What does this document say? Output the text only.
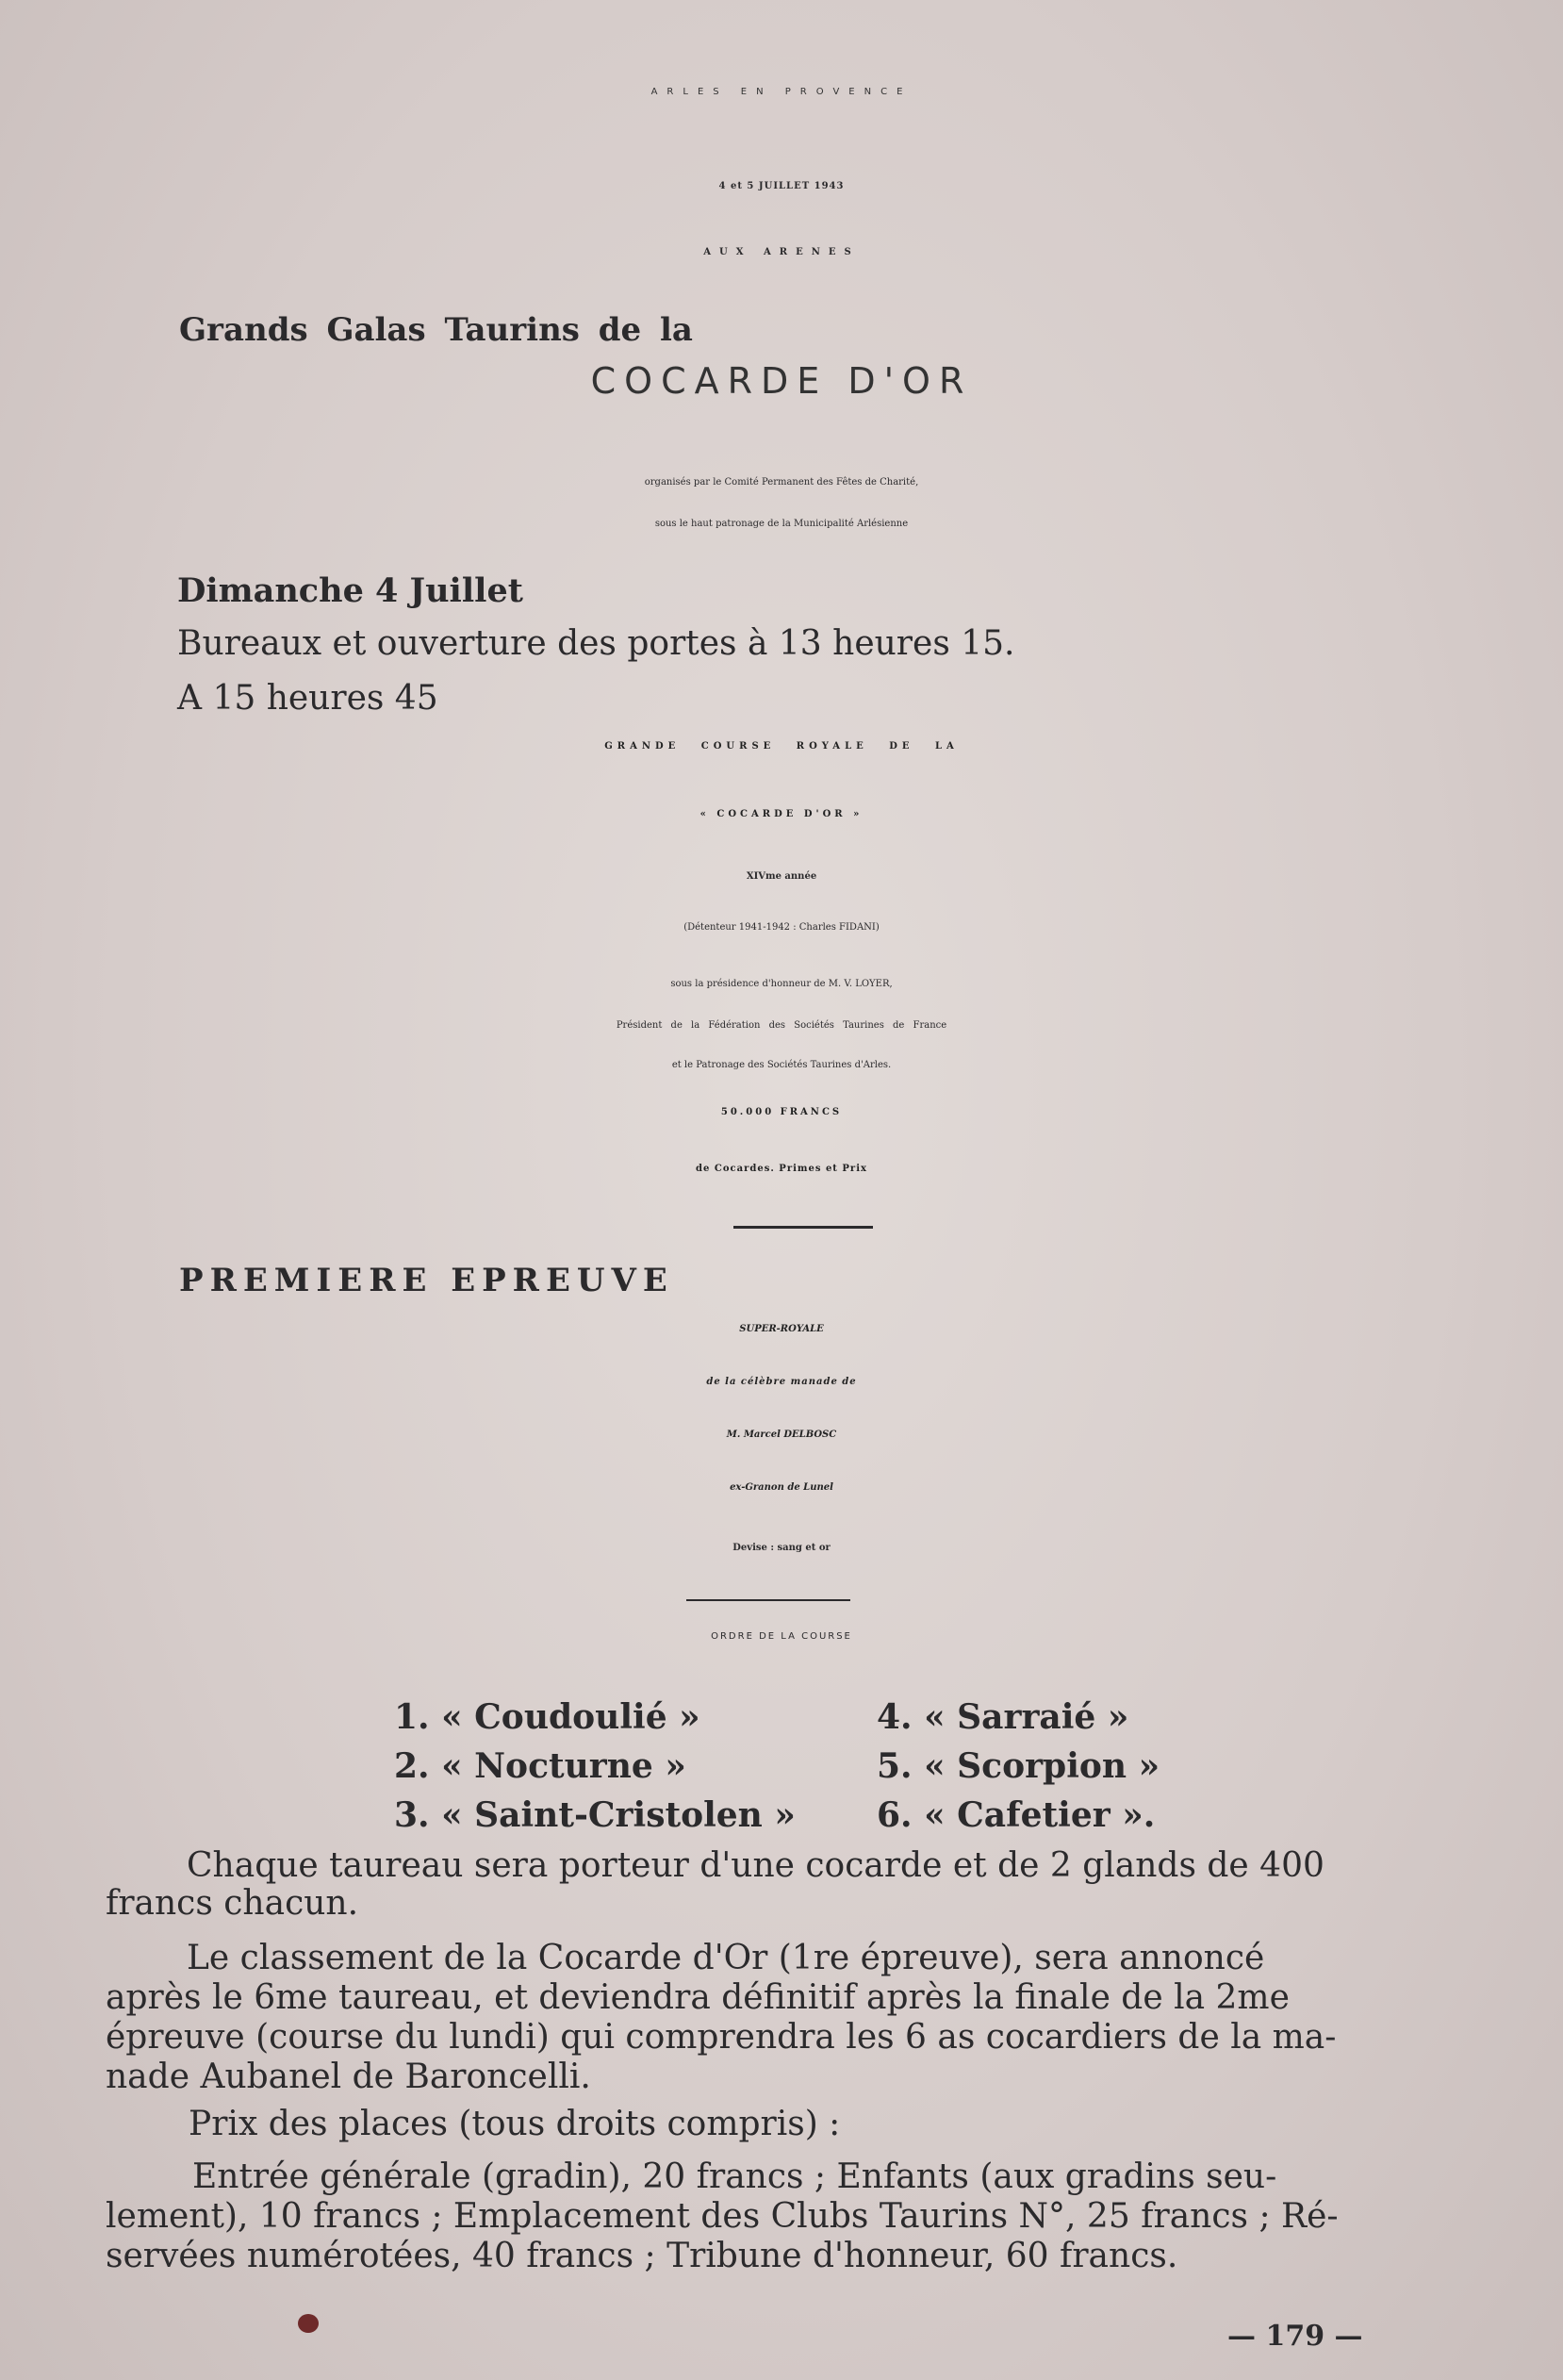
ARLES EN PROVENCE
4 et 5 JUILLET 1943
AUX ARENES
Grands Galas Taurins de la
COCARDE D'OR
organisés par le Comité Permanent des Fêtes de Charité,
sous le haut patronage de la Municipalité Arlésienne
Dimanche 4 Juillet
Bureaux et ouverture des portes à 13 heures 15.
A 15 heures 45
GRANDE COURSE ROYALE DE LA
« COCARDE D'OR »
XIVme année
(Détenteur 1941-1942 : Charles FIDANI)
sous la présidence d'honneur de M. V. LOYER,
Président de la Fédération des Sociétés Taurines de France
et le Patronage des Sociétés Taurines d'Arles.
50.000 FRANCS
de Cocardes. Primes et Prix
PREMIERE EPREUVE
SUPER-ROYALE
de la célèbre manade de
M. Marcel DELBOSC
ex-Granon de Lunel
Devise : sang et or
ORDRE DE LA COURSE
1. « Coudoulié »
2. « Nocturne »
3. « Saint-Cristolen »
4. « Sarraié »
5. « Scorpion »
6. « Cafetier ».
Chaque taureau sera porteur d'une cocarde et de 2 glands de 400
francs chacun.
Le classement de la Cocarde d'Or (1re épreuve), sera annoncé
après le 6me taureau, et deviendra définitif après la finale de la 2me
épreuve (course du lundi) qui comprendra les 6 as cocardiers de la ma-
nade Aubanel de Baroncelli.
Prix des places (tous droits compris) :
Entrée générale (gradin), 20 francs ; Enfants (aux gradins seu-
lement), 10 francs ; Emplacement des Clubs Taurins N°, 25 francs ; Ré-
servées numérotées, 40 francs ; Tribune d'honneur, 60 francs.
— 179 —
